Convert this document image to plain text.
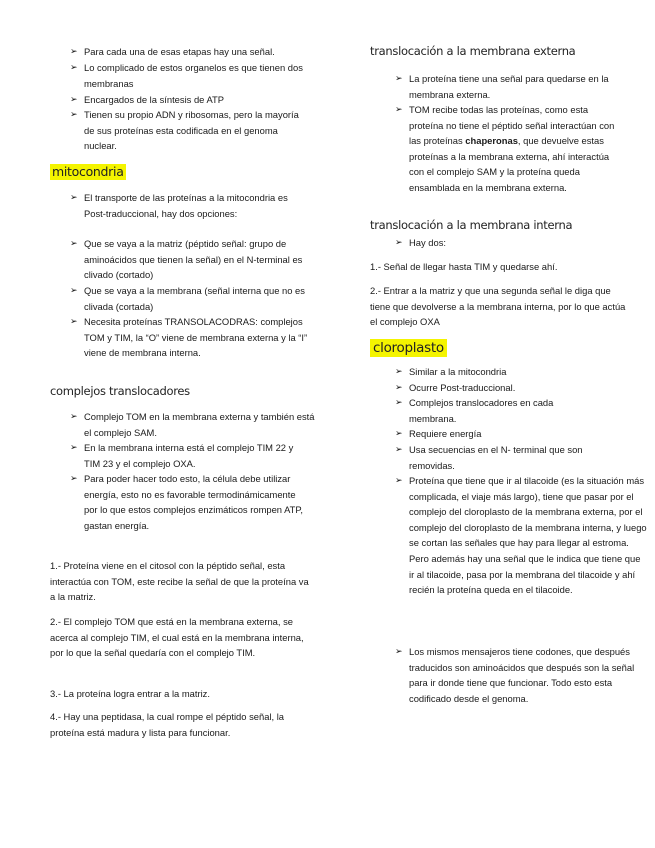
➢ Para cada una de esas etapas hay una señal.
➢ Lo complicado de estos organelos es que tienen dos membranas
➢ Encargados de la síntesis de ATP
➢ Tienen su propio ADN y ribosomas, pero la mayoría de sus proteínas esta codificada en el genoma nuclear.
mitocondria
➢ El transporte de las proteínas a la mitocondria es Post-traduccional, hay dos opciones:
➢ Que se vaya a la matriz (péptido señal: grupo de aminoácidos que tienen la señal) en el N-terminal es clivado (cortado)
➢ Que se vaya a la membrana (señal interna que no es clivada (cortada)
➢ Necesita proteínas TRANSOLACODRAS: complejos TOM y TIM, la “O” viene de membrana externa y la “I” viene de membrana interna.
complejos translocadores
➢ Complejo TOM en la membrana externa y también está el complejo SAM.
➢ En la membrana interna está el complejo TIM 22 y TIM 23 y el complejo OXA.
➢ Para poder hacer todo esto, la célula debe utilizar energía, esto no es favorable termodinámicamente por lo que estos complejos enzimáticos rompen ATP, gastan energía.
1.- Proteína viene en el citosol con la péptido señal, esta interactúa con TOM, este recibe la señal de que la proteína va a la matriz.
2.- El complejo TOM que está en la membrana externa, se acerca al complejo TIM, el cual está en la membrana interna, por lo que la señal quedaría con el complejo TIM.
3.- La proteína logra entrar a la matriz.
4.- Hay una peptidasa, la cual rompe el péptido señal, la proteína está madura y lista para funcionar.
translocación a la membrana externa
➢ La proteína tiene una señal para quedarse en la membrana externa.
➢ TOM recibe todas las proteínas, como esta proteína no tiene el péptido señal interactúan con las proteínas chaperonas, que devuelve estas proteínas a la membrana externa, ahí interactúa con el complejo SAM y la proteína queda ensamblada en la membrana externa.
translocación a la membrana interna
➢ Hay dos:
1.- Señal de llegar hasta TIM y quedarse ahí.
2.- Entrar a la matriz y que una segunda señal le diga que tiene que devolverse a la membrana interna, por lo que actúa el complejo OXA
cloroplasto
➢ Similar a la mitocondria
➢ Ocurre Post-traduccional.
➢ Complejos translocadores en cada membrana.
➢ Requiere energía
➢ Usa secuencias en el N- terminal que son removidas.
➢ Proteína que tiene que ir al tilacoide (es la situación más complicada, el viaje más largo), tiene que pasar por el complejo del cloroplasto de la membrana externa, por el complejo del cloroplasto de la membrana interna, y luego se cortan las señales que hay para llegar al estroma. Pero además hay una señal que le indica que tiene que ir al tilacoide, pasa por la membrana del tilacoide y ahí recién la proteína queda en el tilacoide.
➢ Los mismos mensajeros tiene codones, que después traducidos son aminoácidos que después son la señal para ir donde tiene que funcionar. Todo esto esta codificado desde el genoma.
